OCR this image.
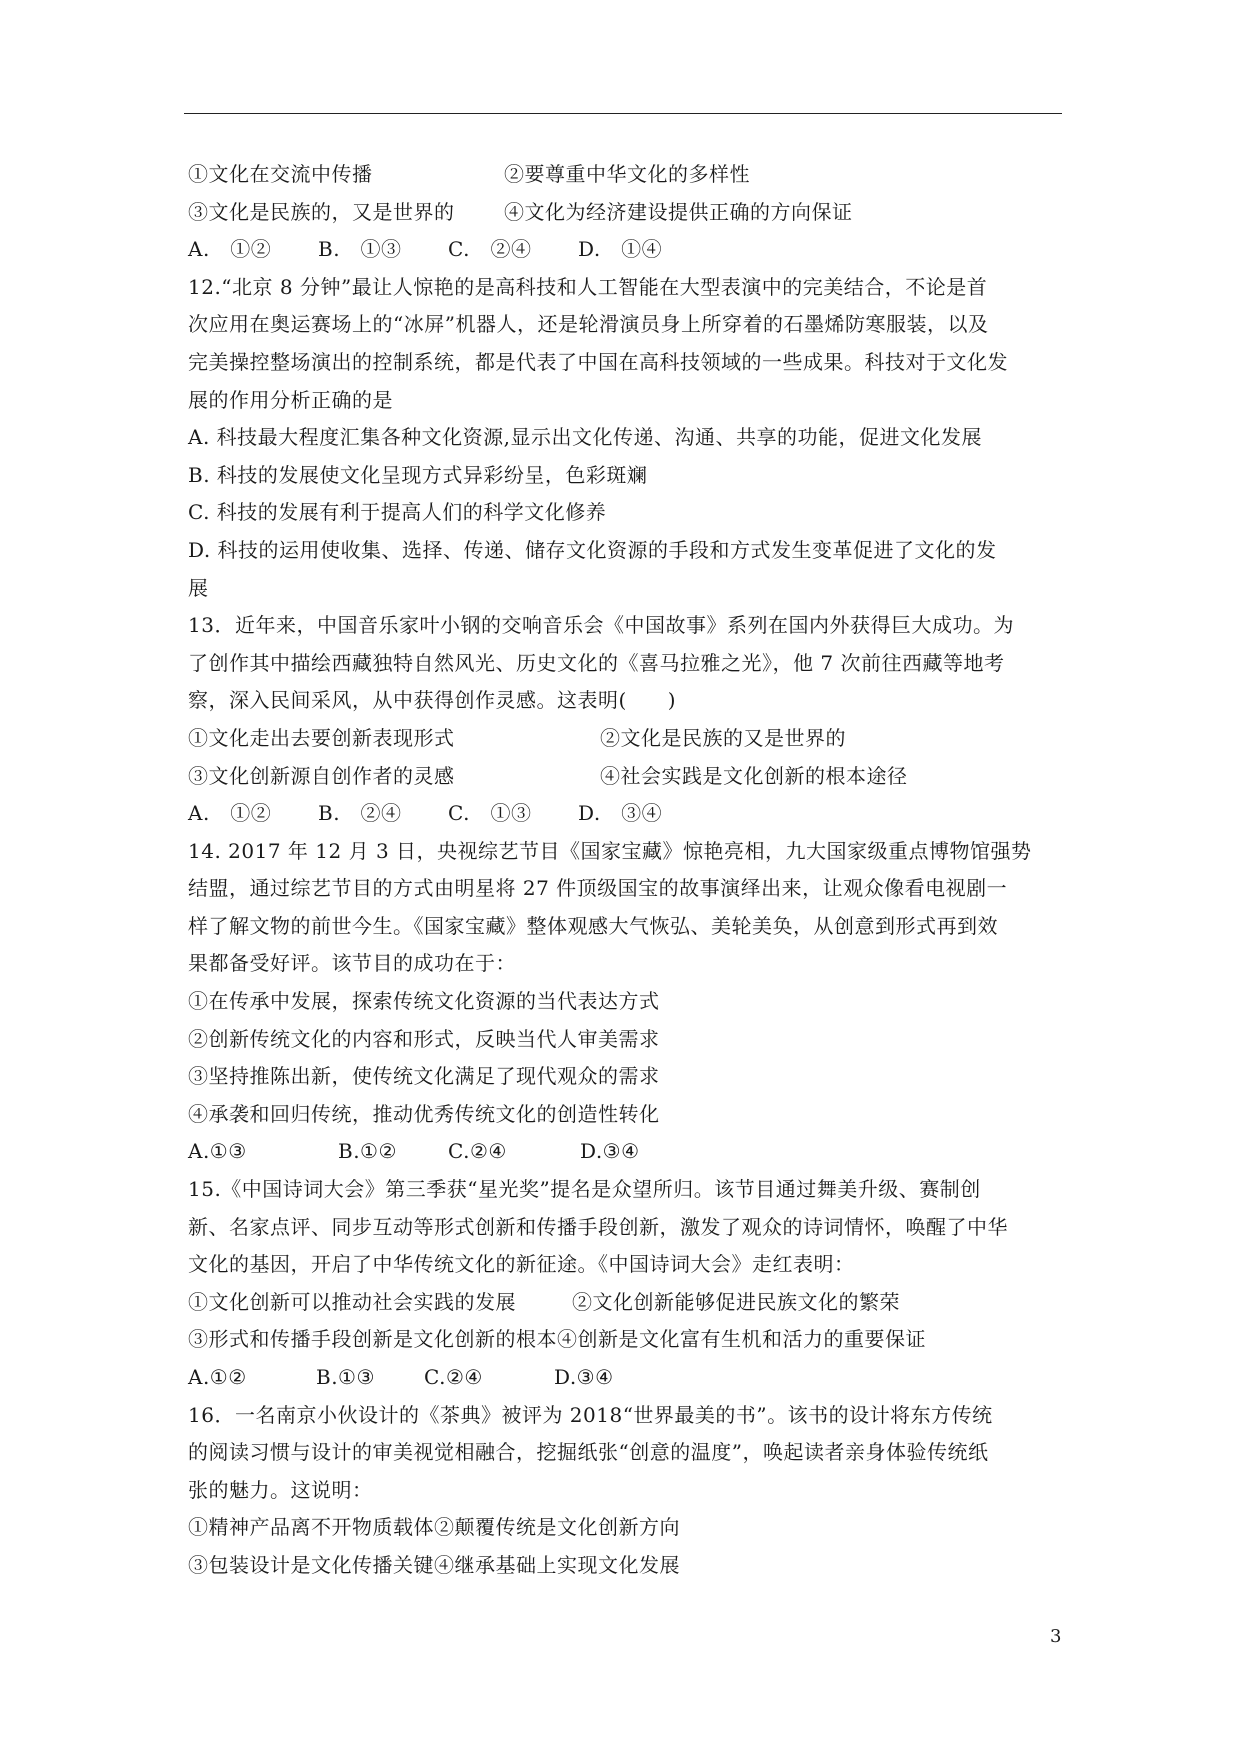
①文化在交流中传播	②要尊重中华文化的多样性
③文化是民族的，又是世界的	④文化为经济建设提供正确的方向保证
A.　①②	B.　①③	C.　②④	D.　①④
12.“北京 8 分钟”最让人惊艳的是高科技和人工智能在大型表演中的完美结合，不论是首
次应用在奥运赛场上的“冰屏”机器人，还是轮滑演员身上所穿着的石墨烯防寒服装，以及
完美操控整场演出的控制系统，都是代表了中国在高科技领域的一些成果。科技对于文化发
展的作用分析正确的是
A. 科技最大程度汇集各种文化资源,显示出文化传递、沟通、共享的功能，促进文化发展
B. 科技的发展使文化呈现方式异彩纷呈，色彩斑斓
C. 科技的发展有利于提高人们的科学文化修养
D. 科技的运用使收集、选择、传递、储存文化资源的手段和方式发生变革促进了文化的发
展
13．近年来，中国音乐家叶小钢的交响音乐会《中国故事》系列在国内外获得巨大成功。为
了创作其中描绘西藏独特自然风光、历史文化的《喜马拉雅之光》，他 7 次前往西藏等地考
察，深入民间采风，从中获得创作灵感。这表明(　　)
①文化走出去要创新表现形式	②文化是民族的又是世界的
③文化创新源自创作者的灵感	④社会实践是文化创新的根本途径
A.　①②	B.　②④	C.　①③	D.　③④
14. 2017 年 12 月 3 日，央视综艺节目《国家宝藏》惊艳亮相，九大国家级重点博物馆强势
结盟，通过综艺节目的方式由明星将 27 件顶级国宝的故事演绎出来，让观众像看电视剧一
样了解文物的前世今生。《国家宝藏》整体观感大气恢弘、美轮美奂，从创意到形式再到效
果都备受好评。该节目的成功在于：
①在传承中发展，探索传统文化资源的当代表达方式
②创新传统文化的内容和形式，反映当代人审美需求
③坚持推陈出新，使传统文化满足了现代观众的需求
④承袭和回归传统，推动优秀传统文化的创造性转化
A.①③	B.①②	C.②④	D.③④
15.《中国诗词大会》第三季获“星光奖”提名是众望所归。该节目通过舞美升级、赛制创
新、名家点评、同步互动等形式创新和传播手段创新，激发了观众的诗词情怀，唤醒了中华
文化的基因，开启了中华传统文化的新征途。《中国诗词大会》走红表明：
①文化创新可以推动社会实践的发展	②文化创新能够促进民族文化的繁荣
③形式和传播手段创新是文化创新的根本④创新是文化富有生机和活力的重要保证
A.①②	B.①③	C.②④	D.③④
16．一名南京小伙设计的《茶典》被评为 2018“世界最美的书”。该书的设计将东方传统
的阅读习惯与设计的审美视觉相融合，挖掘纸张“创意的温度”，唤起读者亲身体验传统纸
张的魅力。这说明：
①精神产品离不开物质载体②颠覆传统是文化创新方向
③包装设计是文化传播关键④继承基础上实现文化发展
3
